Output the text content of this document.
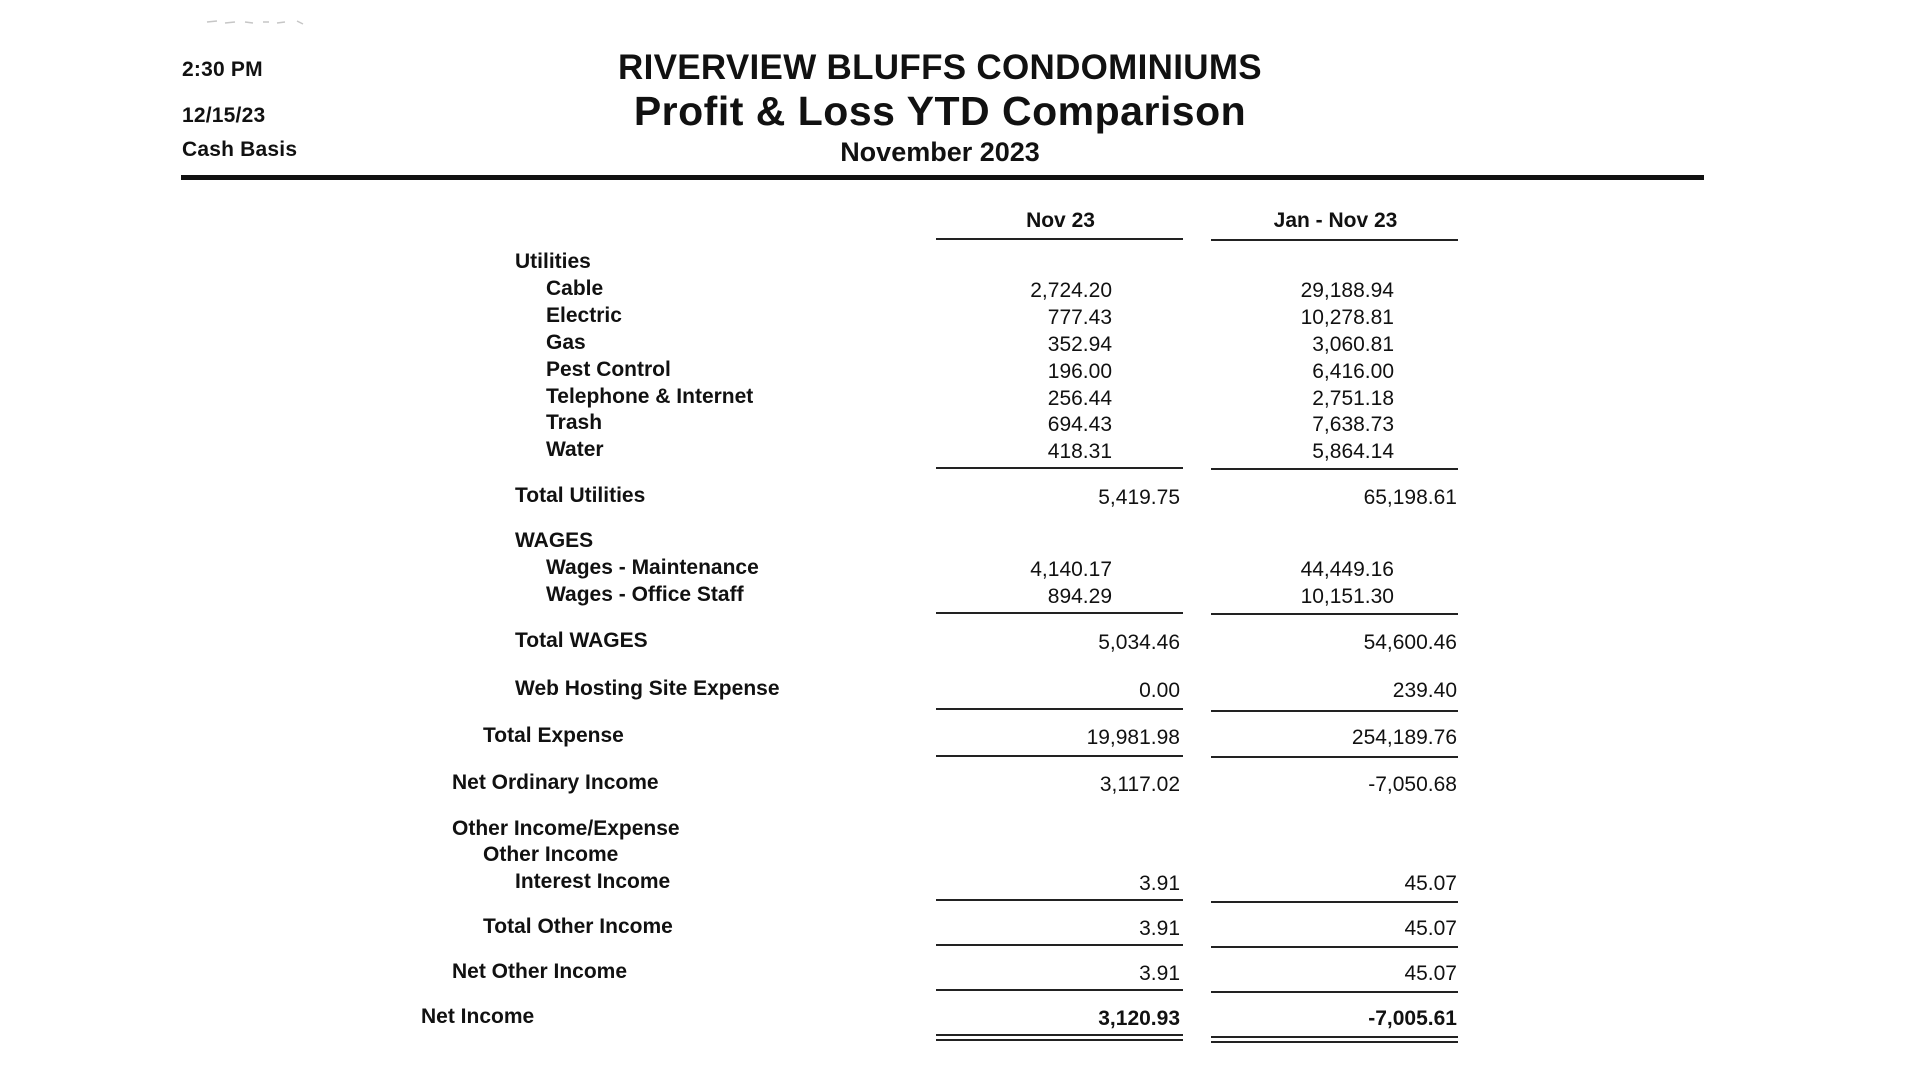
2:30 PM
12/15/23
Cash Basis
RIVERVIEW BLUFFS CONDOMINIUMS
Profit & Loss YTD Comparison
November 2023
Nov 23	Jan - Nov 23
Utilities
Cable	2,724.20	29,188.94
Electric	777.43	10,278.81
Gas	352.94	3,060.81
Pest Control	196.00	6,416.00
Telephone & Internet	256.44	2,751.18
Trash	694.43	7,638.73
Water	418.31	5,864.14
Total Utilities	5,419.75	65,198.61
WAGES
Wages - Maintenance	4,140.17	44,449.16
Wages - Office Staff	894.29	10,151.30
Total WAGES	5,034.46	54,600.46
Web Hosting Site Expense	0.00	239.40
Total Expense	19,981.98	254,189.76
Net Ordinary Income	3,117.02	-7,050.68
Other Income/Expense
Other Income
Interest Income	3.91	45.07
Total Other Income	3.91	45.07
Net Other Income	3.91	45.07
Net Income	3,120.93	-7,005.61
